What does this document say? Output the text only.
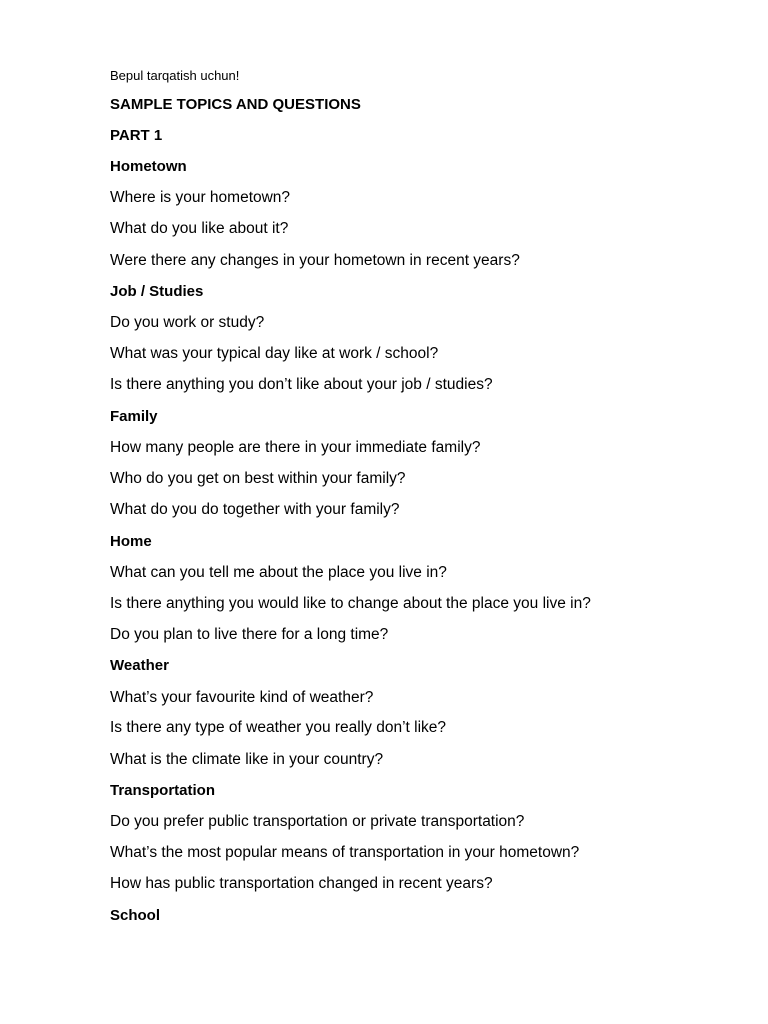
Bepul tarqatish uchun!
SAMPLE TOPICS AND QUESTIONS
PART 1
Hometown
Where is your hometown?
What do you like about it?
Were there any changes in your hometown in recent years?
Job / Studies
Do you work or study?
What was your typical day like at work / school?
Is there anything you don’t like about your job / studies?
Family
How many people are there in your immediate family?
Who do you get on best within your family?
What do you do together with your family?
Home
What can you tell me about the place you live in?
Is there anything you would like to change about the place you live in?
Do you plan to live there for a long time?
Weather
What’s your favourite kind of weather?
Is there any type of weather you really don’t like?
What is the climate like in your country?
Transportation
Do you prefer public transportation or private transportation?
What’s the most popular means of transportation in your hometown?
How has public transportation changed in recent years?
School
